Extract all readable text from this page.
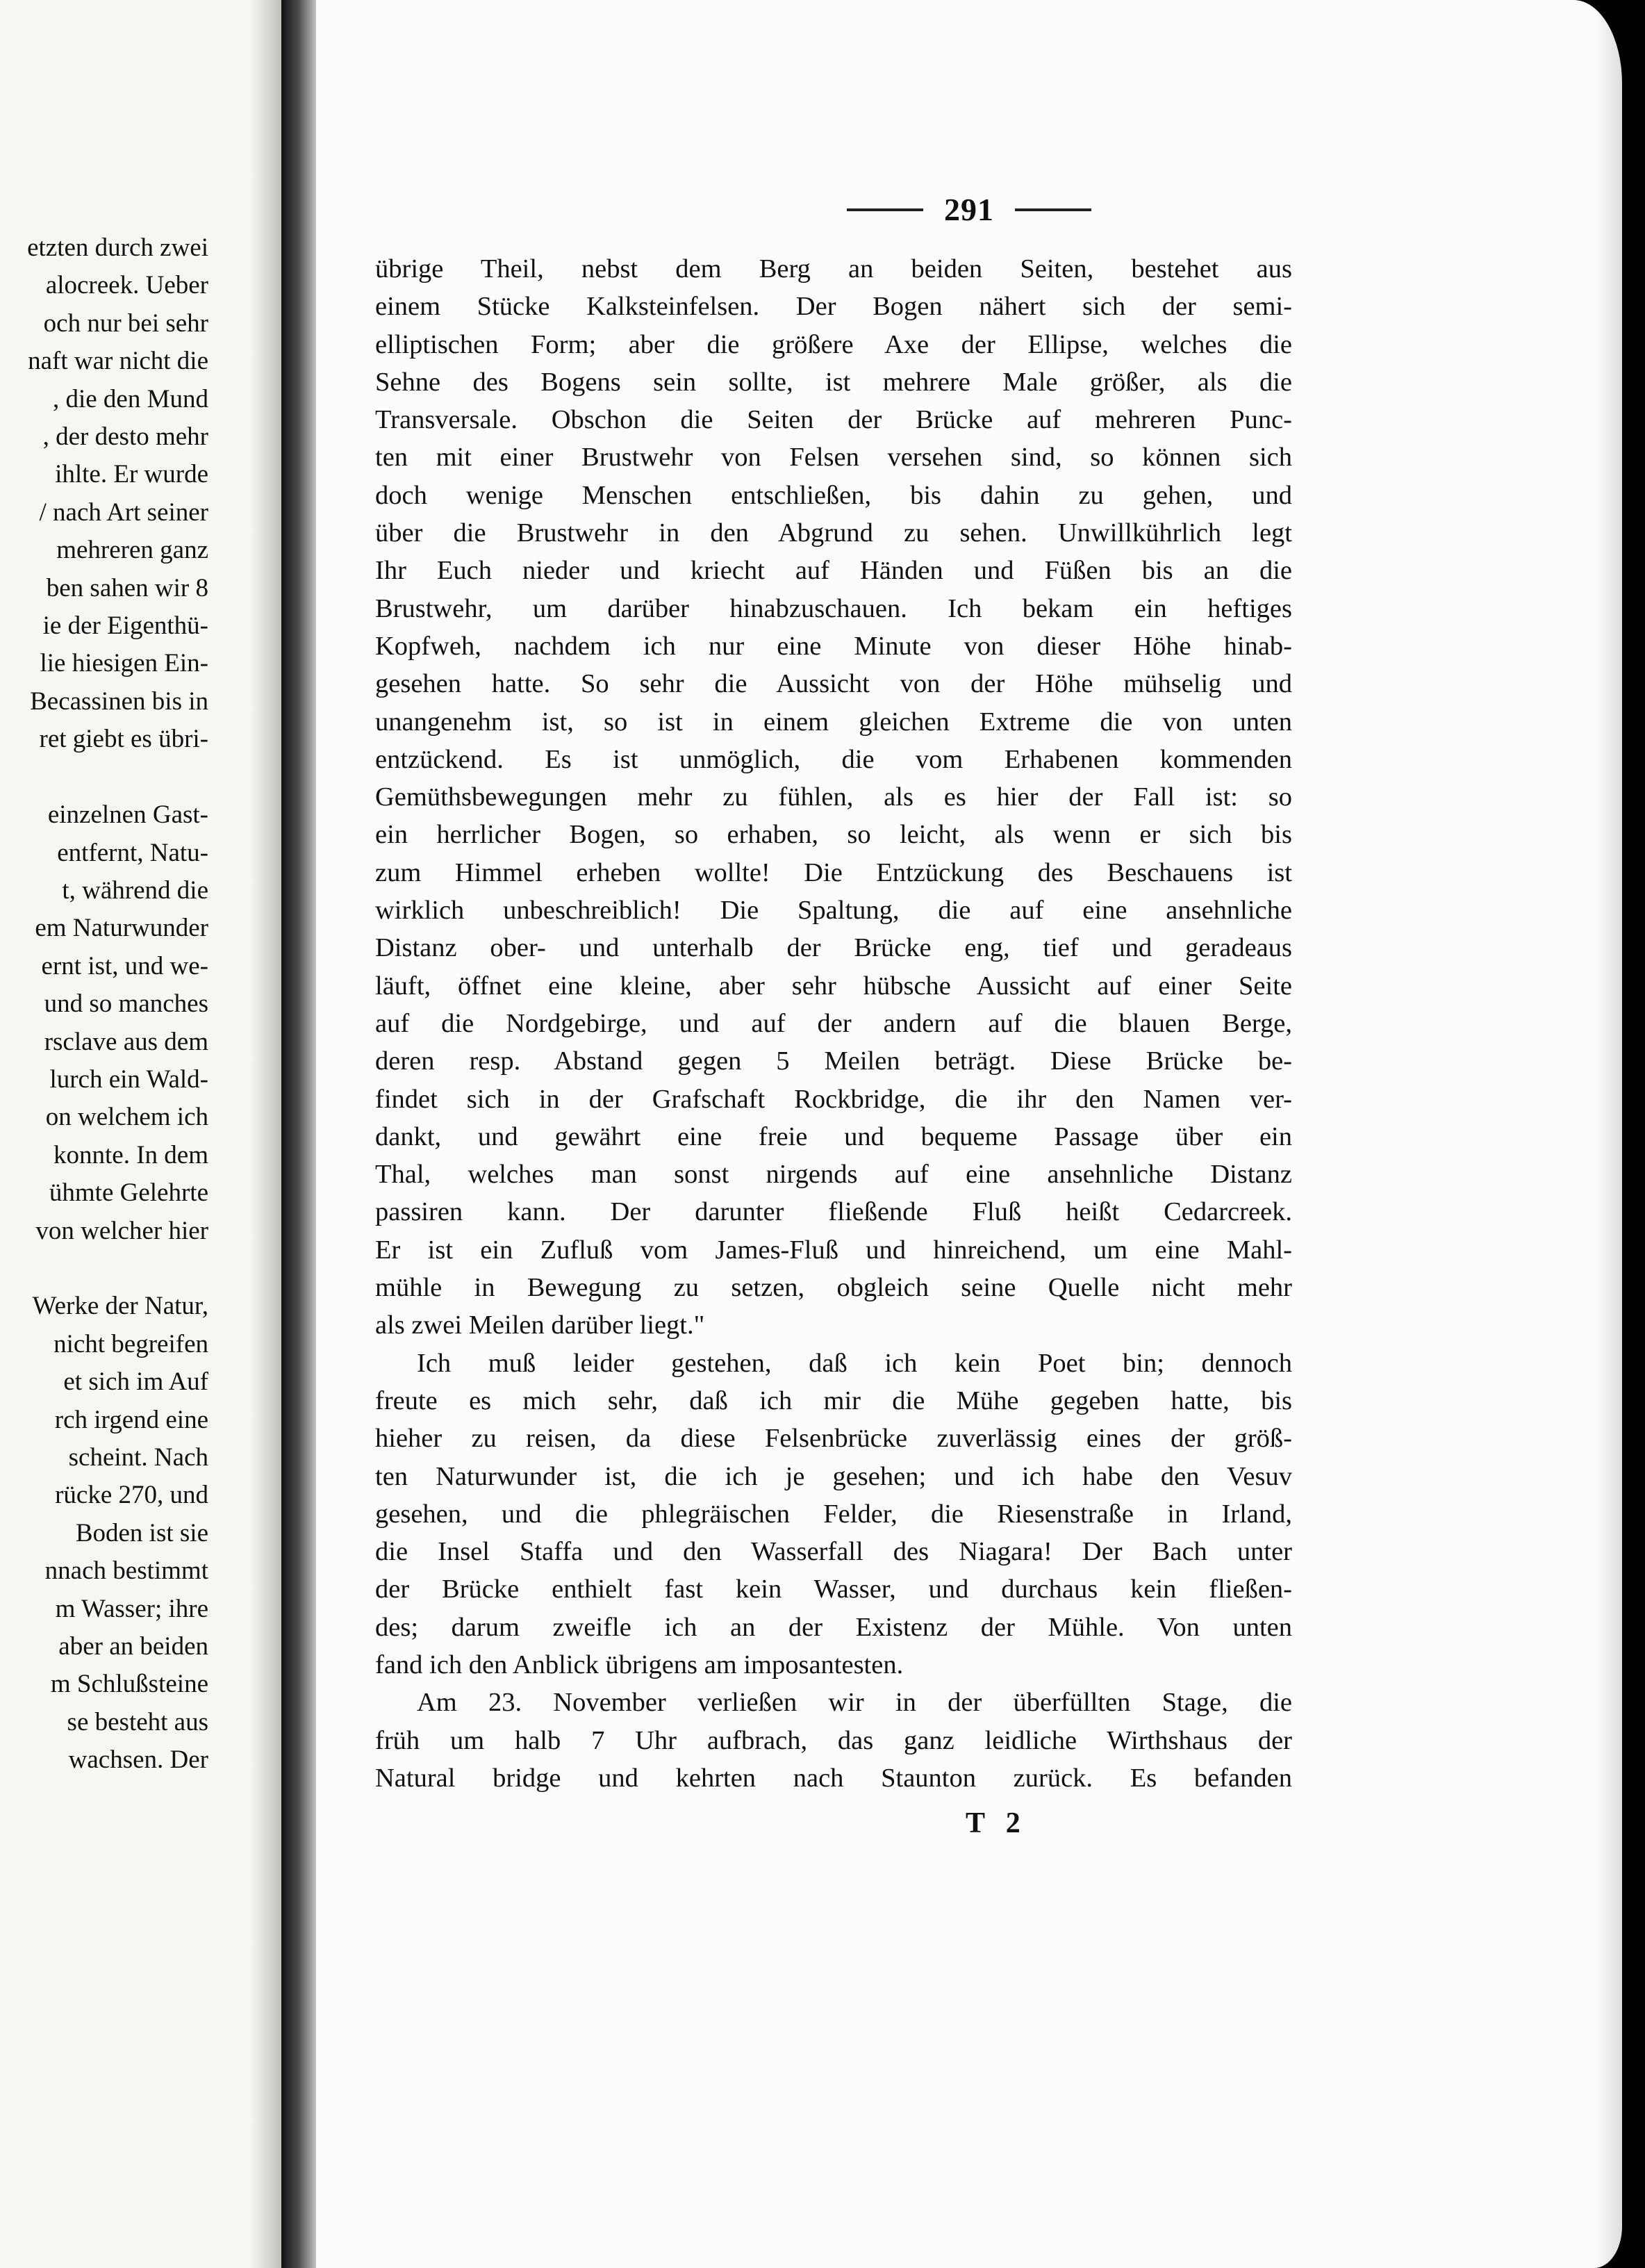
etzten durch zwei
alocreek. Ueber
och nur bei sehr
naft war nicht die
, die den Mund
, der desto mehr
ihlte. Er wurde
/ nach Art seiner
mehreren ganz
ben sahen wir 8
ie der Eigenthü-
lie hiesigen Ein-
Becassinen bis in
ret giebt es übri-

einzelnen Gast-
entfernt, Natu-
t, während die
em Naturwunder
ernt ist, und we-
und so manches
rsclave aus dem
lurch ein Wald-
on welchem ich
konnte. In dem
ühmte Gelehrte
von welcher hier

Werke der Natur,
nicht begreifen
et sich im Auf
rch irgend eine
scheint. Nach
rücke 270, und
Boden ist sie
nnach bestimmt
m Wasser; ihre
aber an beiden
m Schlußsteine
se besteht aus
wachsen. Der
291
übrige Theil, nebst dem Berg an beiden Seiten, bestehet aus
einem Stücke Kalksteinfelsen. Der Bogen nähert sich der semi-
elliptischen Form; aber die größere Axe der Ellipse, welches die
Sehne des Bogens sein sollte, ist mehrere Male größer, als die
Transversale. Obschon die Seiten der Brücke auf mehreren Punc-
ten mit einer Brustwehr von Felsen versehen sind, so können sich
doch wenige Menschen entschließen, bis dahin zu gehen, und
über die Brustwehr in den Abgrund zu sehen. Unwillkührlich legt
Ihr Euch nieder und kriecht auf Händen und Füßen bis an die
Brustwehr, um darüber hinabzuschauen. Ich bekam ein heftiges
Kopfweh, nachdem ich nur eine Minute von dieser Höhe hinab-
gesehen hatte. So sehr die Aussicht von der Höhe mühselig und
unangenehm ist, so ist in einem gleichen Extreme die von unten
entzückend. Es ist unmöglich, die vom Erhabenen kommenden
Gemüthsbewegungen mehr zu fühlen, als es hier der Fall ist: so
ein herrlicher Bogen, so erhaben, so leicht, als wenn er sich bis
zum Himmel erheben wollte! Die Entzückung des Beschauens ist
wirklich unbeschreiblich! Die Spaltung, die auf eine ansehnliche
Distanz ober- und unterhalb der Brücke eng, tief und geradeaus
läuft, öffnet eine kleine, aber sehr hübsche Aussicht auf einer Seite
auf die Nordgebirge, und auf der andern auf die blauen Berge,
deren resp. Abstand gegen 5 Meilen beträgt. Diese Brücke be-
findet sich in der Grafschaft Rockbridge, die ihr den Namen ver-
dankt, und gewährt eine freie und bequeme Passage über ein
Thal, welches man sonst nirgends auf eine ansehnliche Distanz
passiren kann. Der darunter fließende Fluß heißt Cedarcreek.
Er ist ein Zufluß vom James-Fluß und hinreichend, um eine Mahl-
mühle in Bewegung zu setzen, obgleich seine Quelle nicht mehr
als zwei Meilen darüber liegt."
Ich muß leider gestehen, daß ich kein Poet bin; dennoch
freute es mich sehr, daß ich mir die Mühe gegeben hatte, bis
hieher zu reisen, da diese Felsenbrücke zuverlässig eines der größ-
ten Naturwunder ist, die ich je gesehen; und ich habe den Vesuv
gesehen, und die phlegräischen Felder, die Riesenstraße in Irland,
die Insel Staffa und den Wasserfall des Niagara! Der Bach unter
der Brücke enthielt fast kein Wasser, und durchaus kein fließen-
des; darum zweifle ich an der Existenz der Mühle. Von unten
fand ich den Anblick übrigens am imposantesten.
Am 23. November verließen wir in der überfüllten Stage, die
früh um halb 7 Uhr aufbrach, das ganz leidliche Wirthshaus der
Natural bridge und kehrten nach Staunton zurück. Es befanden
T 2
